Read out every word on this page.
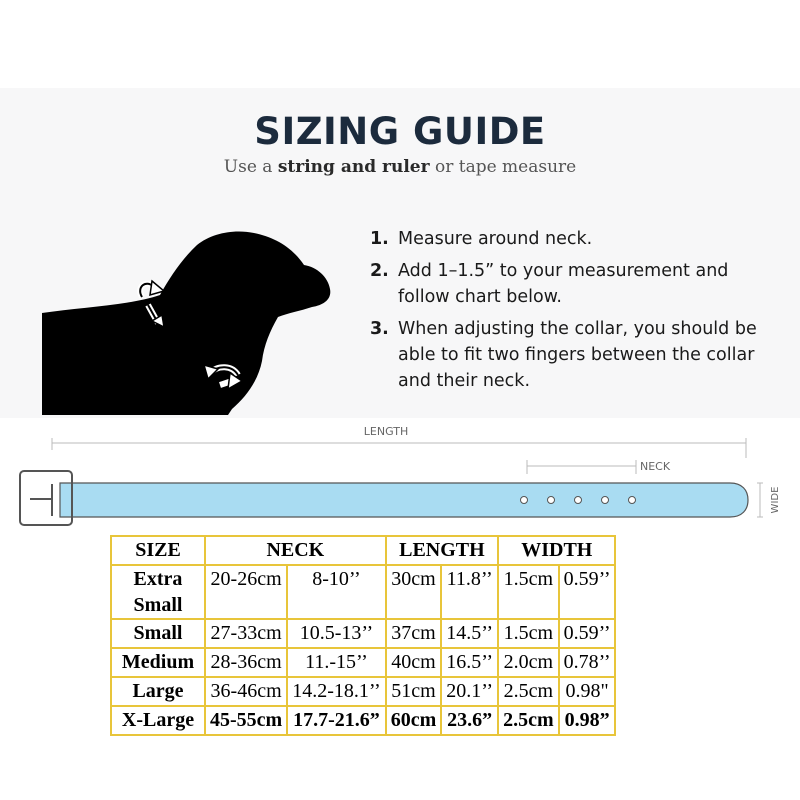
SIZING GUIDE
Use a string and ruler or tape measure
1. Measure around neck.
2. Add 1–1.5” to your measurement and follow chart below.
3. When adjusting the collar, you should be able to fit two fingers between the collar and their neck.
LENGTH
NECK
WIDE
SIZE	NECK		LENGTH		WIDTH	
Extra Small	20-26cm	8-10’’	30cm	11.8’’	1.5cm	0.59’’
Small	27-33cm	10.5-13’’	37cm	14.5’’	1.5cm	0.59’’
Medium	28-36cm	11.-15’’	40cm	16.5’’	2.0cm	0.78’’
Large	36-46cm	14.2-18.1’’	51cm	20.1’’	2.5cm	0.98"
X-Large	45-55cm	17.7-21.6”	60cm	23.6”	2.5cm	0.98”
